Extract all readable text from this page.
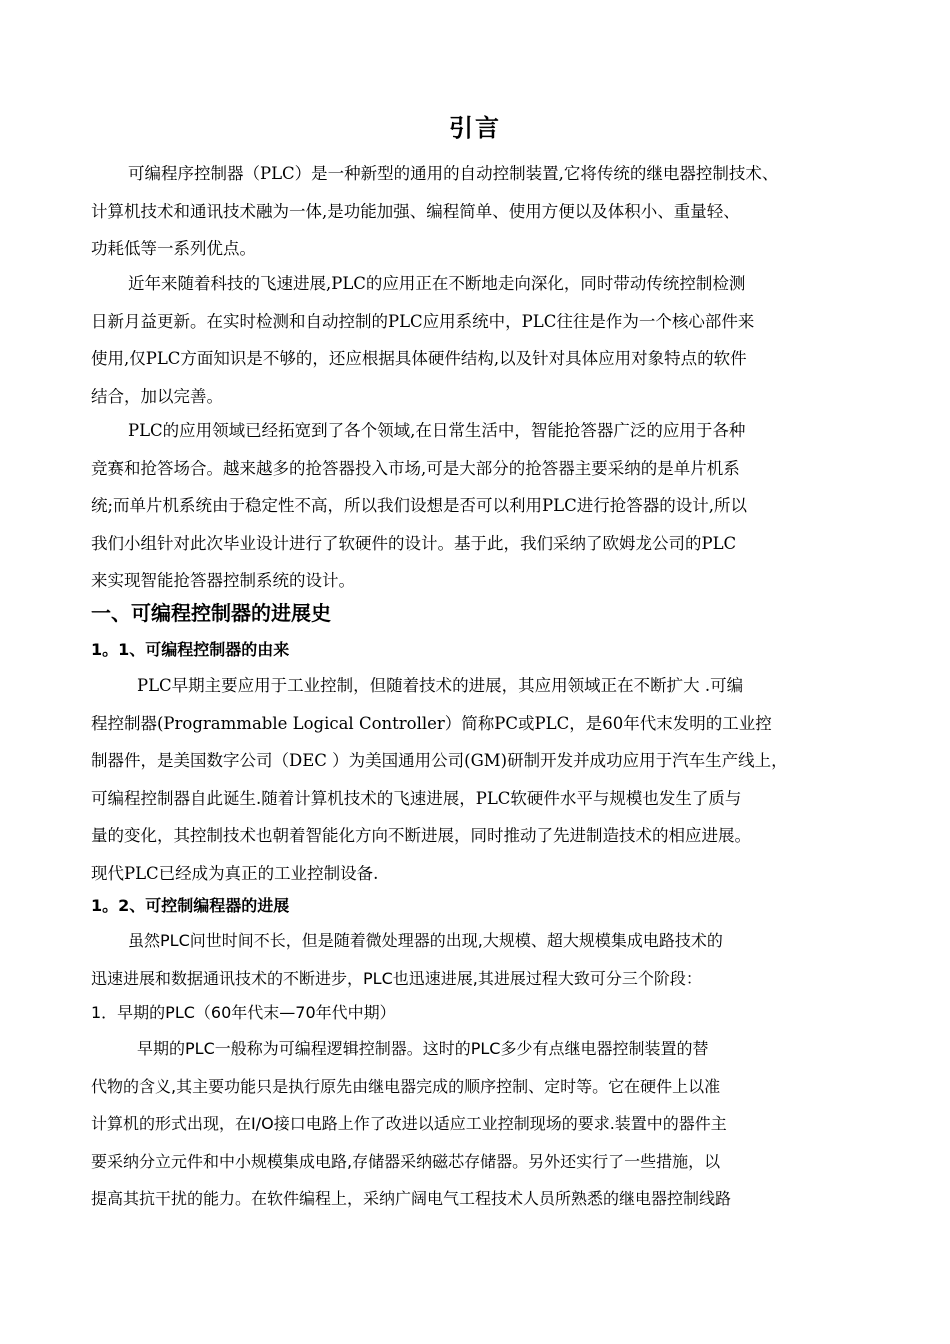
引言
可编程序控制器（PLC）是一种新型的通用的自动控制装置,它将传统的继电器控制技术、
计算机技术和通讯技术融为一体,是功能加强、编程简单、使用方便以及体积小、重量轻、
功耗低等一系列优点。
近年来随着科技的飞速进展,PLC的应用正在不断地走向深化，同时带动传统控制检测
日新月益更新。在实时检测和自动控制的PLC应用系统中，PLC往往是作为一个核心部件来
使用,仅PLC方面知识是不够的，还应根据具体硬件结构,以及针对具体应用对象特点的软件
结合，加以完善。
PLC的应用领域已经拓宽到了各个领域,在日常生活中，智能抢答器广泛的应用于各种
竞赛和抢答场合。越来越多的抢答器投入市场,可是大部分的抢答器主要采纳的是单片机系
统;而单片机系统由于稳定性不高，所以我们设想是否可以利用PLC进行抢答器的设计,所以
我们小组针对此次毕业设计进行了软硬件的设计。基于此，我们采纳了欧姆龙公司的PLC
来实现智能抢答器控制系统的设计。
一、可编程控制器的进展史
1。1、可编程控制器的由来
PLC早期主要应用于工业控制，但随着技术的进展，其应用领域正在不断扩大 .可编
程控制器(Programmable Logical Controller）简称PC或PLC，是60年代末发明的工业控
制器件，是美国数字公司（DEC ）为美国通用公司(GM)研制开发并成功应用于汽车生产线上，
可编程控制器自此诞生.随着计算机技术的飞速进展，PLC软硬件水平与规模也发生了质与
量的变化，其控制技术也朝着智能化方向不断进展，同时推动了先进制造技术的相应进展。
现代PLC已经成为真正的工业控制设备.
1。2、可控制编程器的进展
虽然PLC问世时间不长，但是随着微处理器的出现,大规模、超大规模集成电路技术的
迅速进展和数据通讯技术的不断进步，PLC也迅速进展,其进展过程大致可分三个阶段：
1．早期的PLC（60年代末—70年代中期）
早期的PLC一般称为可编程逻辑控制器。这时的PLC多少有点继电器控制装置的替
代物的含义,其主要功能只是执行原先由继电器完成的顺序控制、定时等。它在硬件上以准
计算机的形式出现，在I/O接口电路上作了改进以适应工业控制现场的要求.装置中的器件主
要采纳分立元件和中小规模集成电路,存储器采纳磁芯存储器。另外还实行了一些措施，以
提高其抗干扰的能力。在软件编程上，采纳广阔电气工程技术人员所熟悉的继电器控制线路
